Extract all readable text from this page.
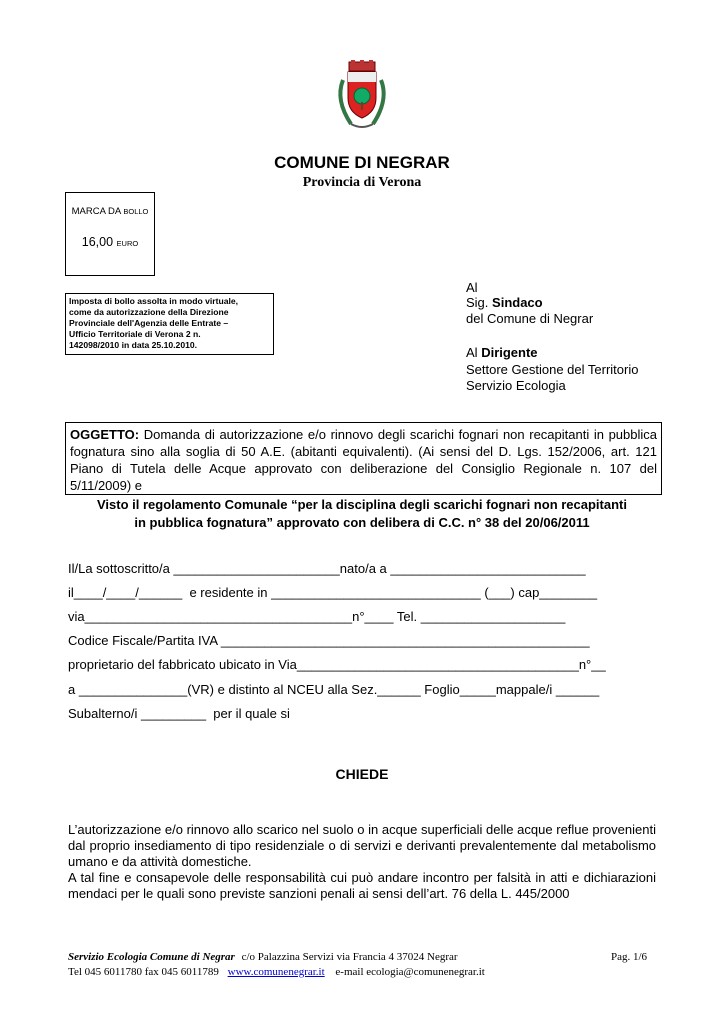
COMUNE DI NEGRAR
Provincia di Verona
MARCA DA BOLLO
16,00 EURO
Imposta di bollo assolta in modo virtuale,
come da autorizzazione della Direzione
Provinciale dell'Agenzia delle Entrate –
Ufficio Territoriale di Verona 2 n.
142098/2010 in data 25.10.2010.
Al
Sig. Sindaco
del Comune di Negrar
Al Dirigente
Settore Gestione del Territorio
Servizio Ecologia
OGGETTO: Domanda di autorizzazione e/o rinnovo degli scarichi fognari non recapitanti in pubblica fognatura sino alla soglia di 50 A.E. (abitanti equivalenti). (Ai sensi del D. Lgs. 152/2006, art. 121 Piano di Tutela delle Acque approvato con deliberazione del Consiglio Regionale n. 107 del 5/11/2009) e
Visto il regolamento Comunale “per la disciplina degli scarichi fognari non recapitanti
in pubblica fognatura” approvato con delibera di C.C. n° 38 del 20/06/2011
Il/La sottoscritto/a _______________________nato/a a ___________________________
il____/____/______  e residente in _____________________________ (___) cap________
via_____________________________________n°____ Tel. ____________________
Codice Fiscale/Partita IVA ___________________________________________________
proprietario del fabbricato ubicato in Via_______________________________________n°__
a _______________(VR) e distinto al NCEU alla Sez.______ Foglio_____mappale/i ______
Subalterno/i _________  per il quale si
CHIEDE
L’autorizzazione e/o rinnovo allo scarico nel suolo o in acque superficiali delle acque reflue provenienti dal proprio insediamento di tipo residenziale o di servizi e derivanti prevalentemente dal metabolismo umano e da attività domestiche.
A tal fine e consapevole delle responsabilità cui può andare incontro per falsità in atti e dichiarazioni mendaci per le quali sono previste sanzioni penali ai sensi dell’art. 76 della L. 445/2000
Servizio Ecologia Comune di Negrar c/o Palazzina Servizi via Francia 4 37024 Negrar	Pag. 1/6
Tel 045 6011780 fax 045 6011789 www.comunenegrar.it e-mail ecologia@comunenegrar.it
